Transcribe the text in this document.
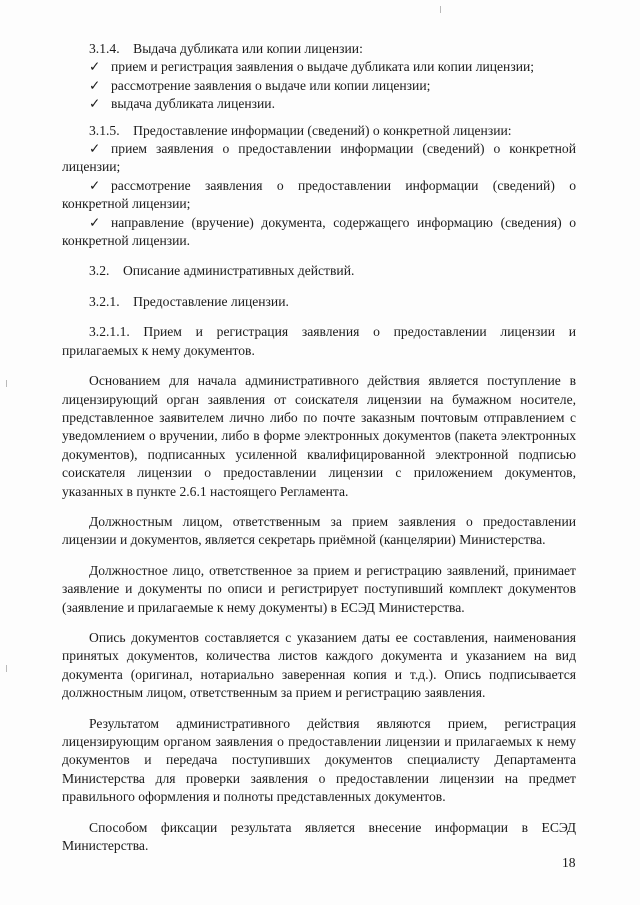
3.1.4. Выдача дубликата или копии лицензии:

✓ прием и регистрация заявления о выдаче дубликата или копии лицензии;

✓ рассмотрение заявления о выдаче или копии лицензии;

✓ выдача дубликата лицензии.

3.1.5. Предоставление информации (сведений) о конкретной лицензии:

✓ прием заявления о предоставлении информации (сведений) о конкретной лицензии;

✓ рассмотрение заявления о предоставлении информации (сведений) о конкретной лицензии;

✓ направление (вручение) документа, содержащего информацию (сведения) о конкретной лицензии.

3.2. Описание административных действий.

3.2.1. Предоставление лицензии.

3.2.1.1. Прием и регистрация заявления о предоставлении лицензии и прилагаемых к нему документов.

Основанием для начала административного действия является поступление в лицензирующий орган заявления от соискателя лицензии на бумажном носителе, представленное заявителем лично либо по почте заказным почтовым отправлением с уведомлением о вручении, либо в форме электронных документов (пакета электронных документов), подписанных усиленной квалифицированной электронной подписью соискателя лицензии о предоставлении лицензии с приложением документов, указанных в пункте 2.6.1 настоящего Регламента.

Должностным лицом, ответственным за прием заявления о предоставлении лицензии и документов, является секретарь приёмной (канцелярии) Министерства.

Должностное лицо, ответственное за прием и регистрацию заявлений, принимает заявление и документы по описи и регистрирует поступивший комплект документов (заявление и прилагаемые к нему документы) в ЕСЭД Министерства.

Опись документов составляется с указанием даты ее составления, наименования принятых документов, количества листов каждого документа и указанием на вид документа (оригинал, нотариально заверенная копия и т.д.). Опись подписывается должностным лицом, ответственным за прием и регистрацию заявления.

Результатом административного действия являются прием, регистрация лицензирующим органом заявления о предоставлении лицензии и прилагаемых к нему документов и передача поступивших документов специалисту Департамента Министерства для проверки заявления о предоставлении лицензии на предмет правильного оформления и полноты представленных документов.

Способом фиксации результата является внесение информации в ЕСЭД Министерства.

18
